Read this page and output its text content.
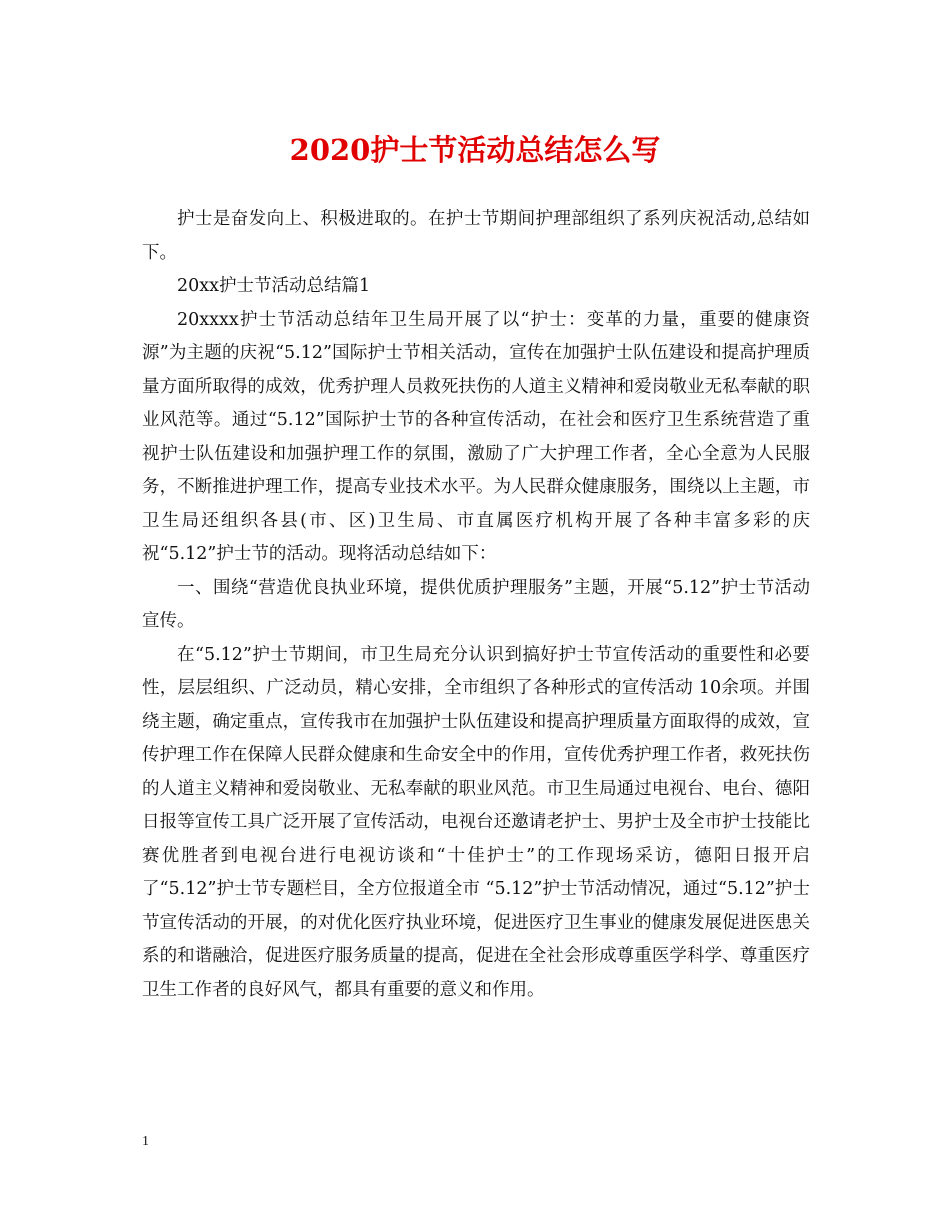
2020护士节活动总结怎么写

护士是奋发向上、积极进取的。在护士节期间护理部组织了系列庆祝活动,总结如下。

20xx护士节活动总结篇1

20xxxx护士节活动总结年卫生局开展了以“护士：变革的力量，重要的健康资源”为主题的庆祝“5.12”国际护士节相关活动，宣传在加强护士队伍建设和提高护理质量方面所取得的成效，优秀护理人员救死扶伤的人道主义精神和爱岗敬业无私奉献的职业风范等。通过“5.12”国际护士节的各种宣传活动，在社会和医疗卫生系统营造了重视护士队伍建设和加强护理工作的氛围，激励了广大护理工作者，全心全意为人民服务，不断推进护理工作，提高专业技术水平。为人民群众健康服务，围绕以上主题，市卫生局还组织各县(市、区)卫生局、市直属医疗机构开展了各种丰富多彩的庆祝“5.12”护士节的活动。现将活动总结如下：

一、围绕“营造优良执业环境，提供优质护理服务”主题，开展“5.12”护士节活动宣传。

在“5.12”护士节期间，市卫生局充分认识到搞好护士节宣传活动的重要性和必要性，层层组织、广泛动员，精心安排，全市组织了各种形式的宣传活动 10余项。并围绕主题，确定重点，宣传我市在加强护士队伍建设和提高护理质量方面取得的成效，宣传护理工作在保障人民群众健康和生命安全中的作用，宣传优秀护理工作者，救死扶伤的人道主义精神和爱岗敬业、无私奉献的职业风范。市卫生局通过电视台、电台、德阳日报等宣传工具广泛开展了宣传活动，电视台还邀请老护士、男护士及全市护士技能比赛优胜者到电视台进行电视访谈和“十佳护士”的工作现场采访，德阳日报开启了“5.12”护士节专题栏目，全方位报道全市 “5.12”护士节活动情况，通过“5.12”护士节宣传活动的开展，的对优化医疗执业环境，促进医疗卫生事业的健康发展促进医患关系的和谐融洽，促进医疗服务质量的提高，促进在全社会形成尊重医学科学、尊重医疗卫生工作者的良好风气，都具有重要的意义和作用。

1
